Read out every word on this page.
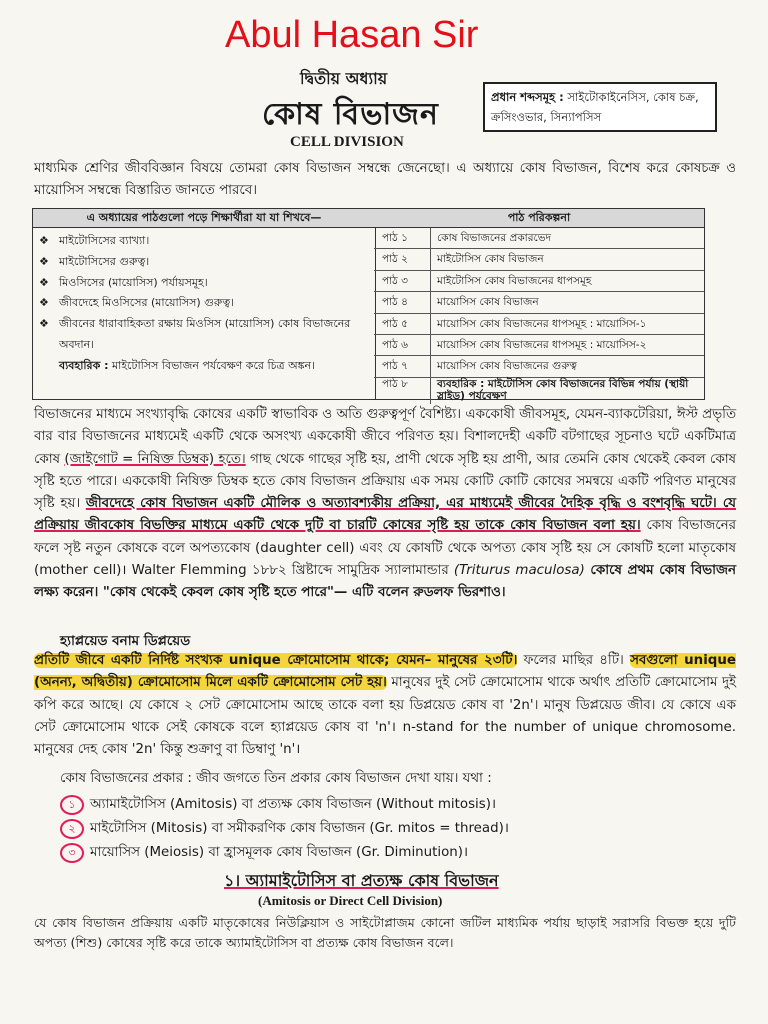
Abul Hasan Sir
দ্বিতীয় অধ্যায়
কোষ বিভাজন
CELL DIVISION
প্রধান শব্দসমূহ : সাইটোকাইনেসিস, কোষ চক্র, ক্রসিংওভার, সিন্যাপসিস
মাধ্যমিক শ্রেণির জীববিজ্ঞান বিষয়ে তোমরা কোষ বিভাজন সম্বন্ধে জেনেছো। এ অধ্যায়ে কোষ বিভাজন, বিশেষ করে কোষচক্র ও মায়োসিস সম্বন্ধে বিস্তারিত জানতে পারবে।
এ অধ্যায়ের পাঠগুলো পড়ে শিক্ষার্থীরা যা যা শিখবে—
❖ মাইটোসিসের ব্যাখ্যা।
❖ মাইটোসিসের গুরুত্ব।
❖ মিওসিসের (মায়োসিস) পর্যায়সমূহ।
❖ জীবদেহে মিওসিসের (মায়োসিস) গুরুত্ব।
❖ জীবনের ধারাবাহিকতা রক্ষায় মিওসিস (মায়োসিস) কোষ বিভাজনের অবদান।
ব্যবহারিক : মাইটোসিস বিভাজন পর্যবেক্ষণ করে চিত্র অঙ্কন।
পাঠ পরিকল্পনা
পাঠ ১	কোষ বিভাজনের প্রকারভেদ
পাঠ ২	মাইটোসিস কোষ বিভাজন
পাঠ ৩	মাইটোসিস কোষ বিভাজনের ধাপসমূহ
পাঠ ৪	মায়োসিস কোষ বিভাজন
পাঠ ৫	মায়োসিস কোষ বিভাজনের ধাপসমূহ : মায়োসিস-১
পাঠ ৬	মায়োসিস কোষ বিভাজনের ধাপসমূহ : মায়োসিস-২
পাঠ ৭	মায়োসিস কোষ বিভাজনের গুরুত্ব
পাঠ ৮	ব্যবহারিক : মাইটোসিস কোষ বিভাজনের বিভিন্ন পর্যায় (স্থায়ী স্লাইড) পর্যবেক্ষণ
বিভাজনের মাধ্যমে সংখ্যাবৃদ্ধি কোষের একটি স্বাভাবিক ও অতি গুরুত্বপূর্ণ বৈশিষ্ট্য। এককোষী জীবসমূহ, যেমন-ব্যাকটেরিয়া, ঈস্ট প্রভৃতি বার বার বিভাজনের মাধ্যমেই একটি থেকে অসংখ্য এককোষী জীবে পরিণত হয়। বিশালদেহী একটি বটগাছের সূচনাও ঘটে একটিমাত্র কোষ (জাইগোট = নিষিক্ত ডিম্বক) হতে। গাছ থেকে গাছের সৃষ্টি হয়, প্রাণী থেকে সৃষ্টি হয় প্রাণী, আর তেমনি কোষ থেকেই কেবল কোষ সৃষ্টি হতে পারে। এককোষী নিষিক্ত ডিম্বক হতে কোষ বিভাজন প্রক্রিয়ায় এক সময় কোটি কোটি কোষের সমন্বয়ে একটি পরিণত মানুষের সৃষ্টি হয়। জীবদেহে কোষ বিভাজন একটি মৌলিক ও অত্যাবশ্যকীয় প্রক্রিয়া, এর মাধ্যমেই জীবের দৈহিক বৃদ্ধি ও বংশবৃদ্ধি ঘটে। যে প্রক্রিয়ায় জীবকোষ বিভক্তির মাধ্যমে একটি থেকে দুটি বা চারটি কোষের সৃষ্টি হয় তাকে কোষ বিভাজন বলা হয়। কোষ বিভাজনের ফলে সৃষ্ট নতুন কোষকে বলে অপত্যকোষ (daughter cell) এবং যে কোষটি থেকে অপত্য কোষ সৃষ্টি হয় সে কোষটি হলো মাতৃকোষ (mother cell)। Walter Flemming ১৮৮২ খ্রিষ্টাব্দে সামুদ্রিক স্যালামান্ডার (Triturus maculosa) কোষে প্রথম কোষ বিভাজন লক্ষ্য করেন। "কোষ থেকেই কেবল কোষ সৃষ্টি হতে পারে"— এটি বলেন রুডলফ ভিরশাও।
হ্যাপ্লয়েড বনাম ডিপ্লয়েড
প্রতিটি জীবে একটি নির্দিষ্ট সংখ্যক unique ক্রোমোসোম থাকে; যেমন– মানুষের ২৩টি। ফলের মাছির ৪টি। সবগুলো unique (অনন্য, অদ্বিতীয়) ক্রোমোসোম মিলে একটি ক্রোমোসোম সেট হয়। মানুষের দুই সেট ক্রোমোসোম থাকে অর্থাৎ প্রতিটি ক্রোমোসোম দুই কপি করে আছে। যে কোষে ২ সেট ক্রোমোসোম আছে তাকে বলা হয় ডিপ্লয়েড কোষ বা '2n'। মানুষ ডিপ্লয়েড জীব। যে কোষে এক সেট ক্রোমোসোম থাকে সেই কোষকে বলে হ্যাপ্লয়েড কোষ বা 'n'। n-stand for the number of unique chromosome. মানুষের দেহ কোষ '2n' কিন্তু শুক্রাণু বা ডিম্বাণু 'n'।
কোষ বিভাজনের প্রকার : জীব জগতে তিন প্রকার কোষ বিভাজন দেখা যায়। যথা :
১ অ্যামাইটোসিস (Amitosis) বা প্রত্যক্ষ কোষ বিভাজন (Without mitosis)।
২ মাইটোসিস (Mitosis) বা সমীকরণিক কোষ বিভাজন (Gr. mitos = thread)।
৩ মায়োসিস (Meiosis) বা হ্রাসমূলক কোষ বিভাজন (Gr. Diminution)।
১। অ্যামাইটোসিস বা প্রত্যক্ষ কোষ বিভাজন
(Amitosis or Direct Cell Division)
যে কোষ বিভাজন প্রক্রিয়ায় একটি মাতৃকোষের নিউক্লিয়াস ও সাইটোপ্লাজম কোনো জটিল মাধ্যমিক পর্যায় ছাড়াই সরাসরি বিভক্ত হয়ে দুটি অপত্য (শিশু) কোষের সৃষ্টি করে তাকে অ্যামাইটোসিস বা প্রত্যক্ষ কোষ বিভাজন বলে।
